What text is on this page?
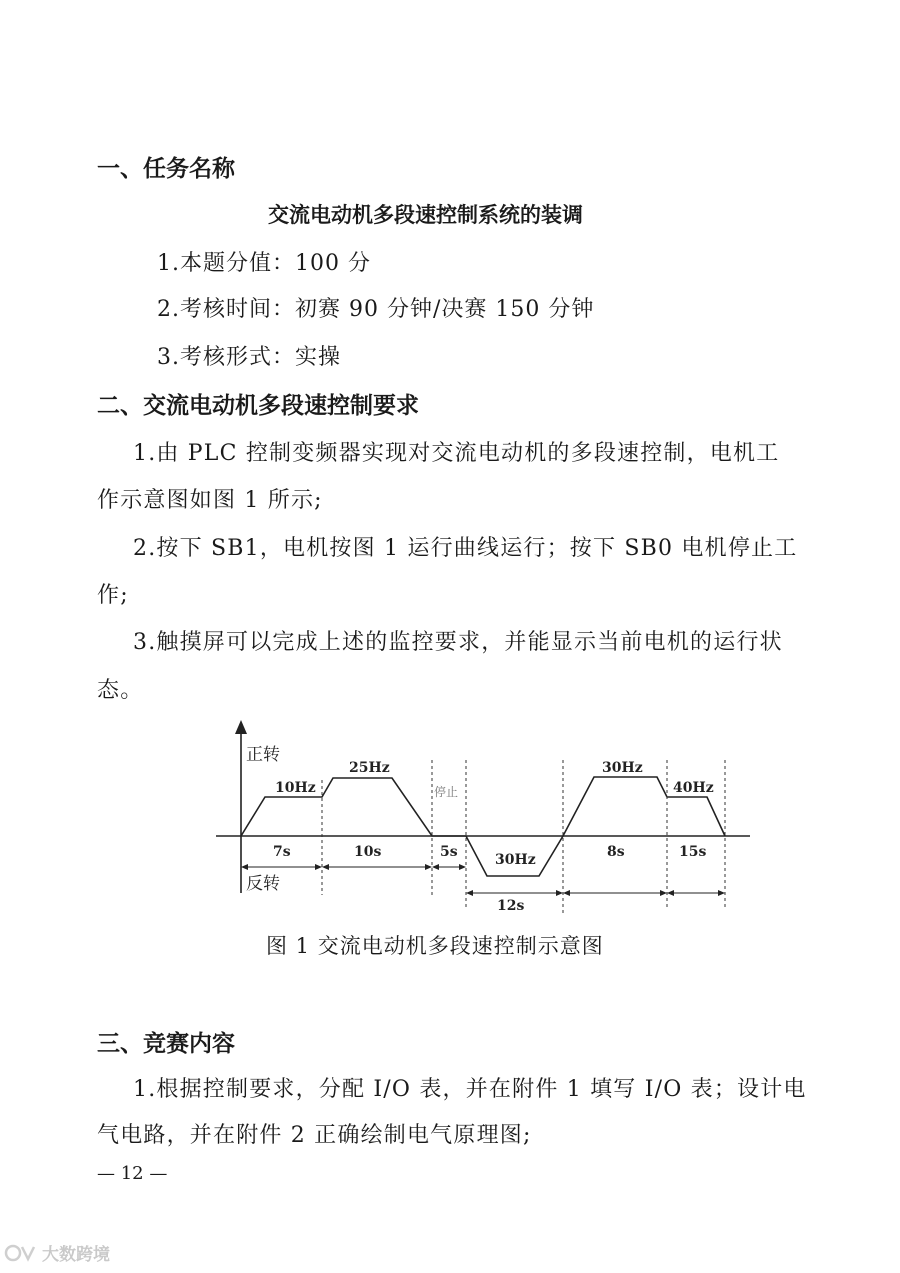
一、任务名称
交流电动机多段速控制系统的装调
1.本题分值：100 分
2.考核时间：初赛 90 分钟/决赛 150 分钟
3.考核形式：实操
二、交流电动机多段速控制要求
1.由 PLC 控制变频器实现对交流电动机的多段速控制，电机工
作示意图如图 1 所示;
2.按下 SB1，电机按图 1 运行曲线运行；按下 SB0 电机停止工
作;
3.触摸屏可以完成上述的监控要求，并能显示当前电机的运行状
态。
正转
反转
停止
10Hz
25Hz
30Hz
30Hz
40Hz
7s	10s	5s	8s	15s
12s
图 1 交流电动机多段速控制示意图
三、竞赛内容
1.根据控制要求，分配 I/O 表，并在附件 1 填写 I/O 表；设计电
气电路，并在附件 2 正确绘制电气原理图;
— 12 —
大数跨境
